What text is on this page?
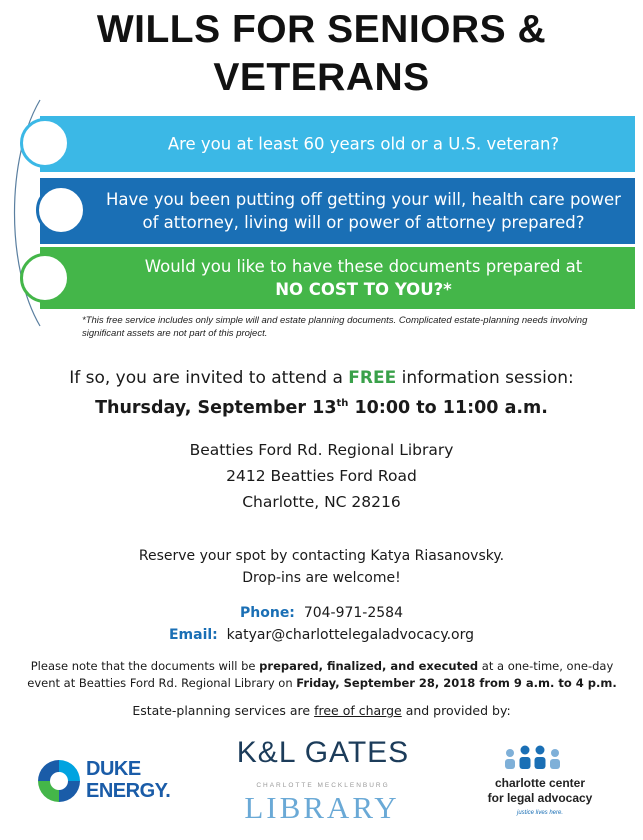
WILLS FOR SENIORS &
VETERANS
Are you at least 60 years old or a U.S. veteran?
Have you been putting off getting your will, health care power of attorney, living will or power of attorney prepared?
Would you like to have these documents prepared at
NO COST TO YOU?*
*This free service includes only simple will and estate planning documents. Complicated estate-planning needs involving significant assets are not part of this project.
If so, you are invited to attend a FREE information session:
Thursday, September 13th 10:00 to 11:00 a.m.
Beatties Ford Rd. Regional Library
2412 Beatties Ford Road
Charlotte, NC 28216
Reserve your spot by contacting Katya Riasanovsky.
Drop-ins are welcome!
Phone: 704-971-2584
Email: katyar@charlottelegaladvocacy.org
Please note that the documents will be prepared, finalized, and executed at a one-time, one-day event at Beatties Ford Rd. Regional Library on Friday, September 28, 2018 from 9 a.m. to 4 p.m.
Estate-planning services are free of charge and provided by:
DUKE
ENERGY.
K&L GATES
CHARLOTTE MECKLENBURG
LIBRARY
charlotte center
for legal advocacy
justice lives here.
